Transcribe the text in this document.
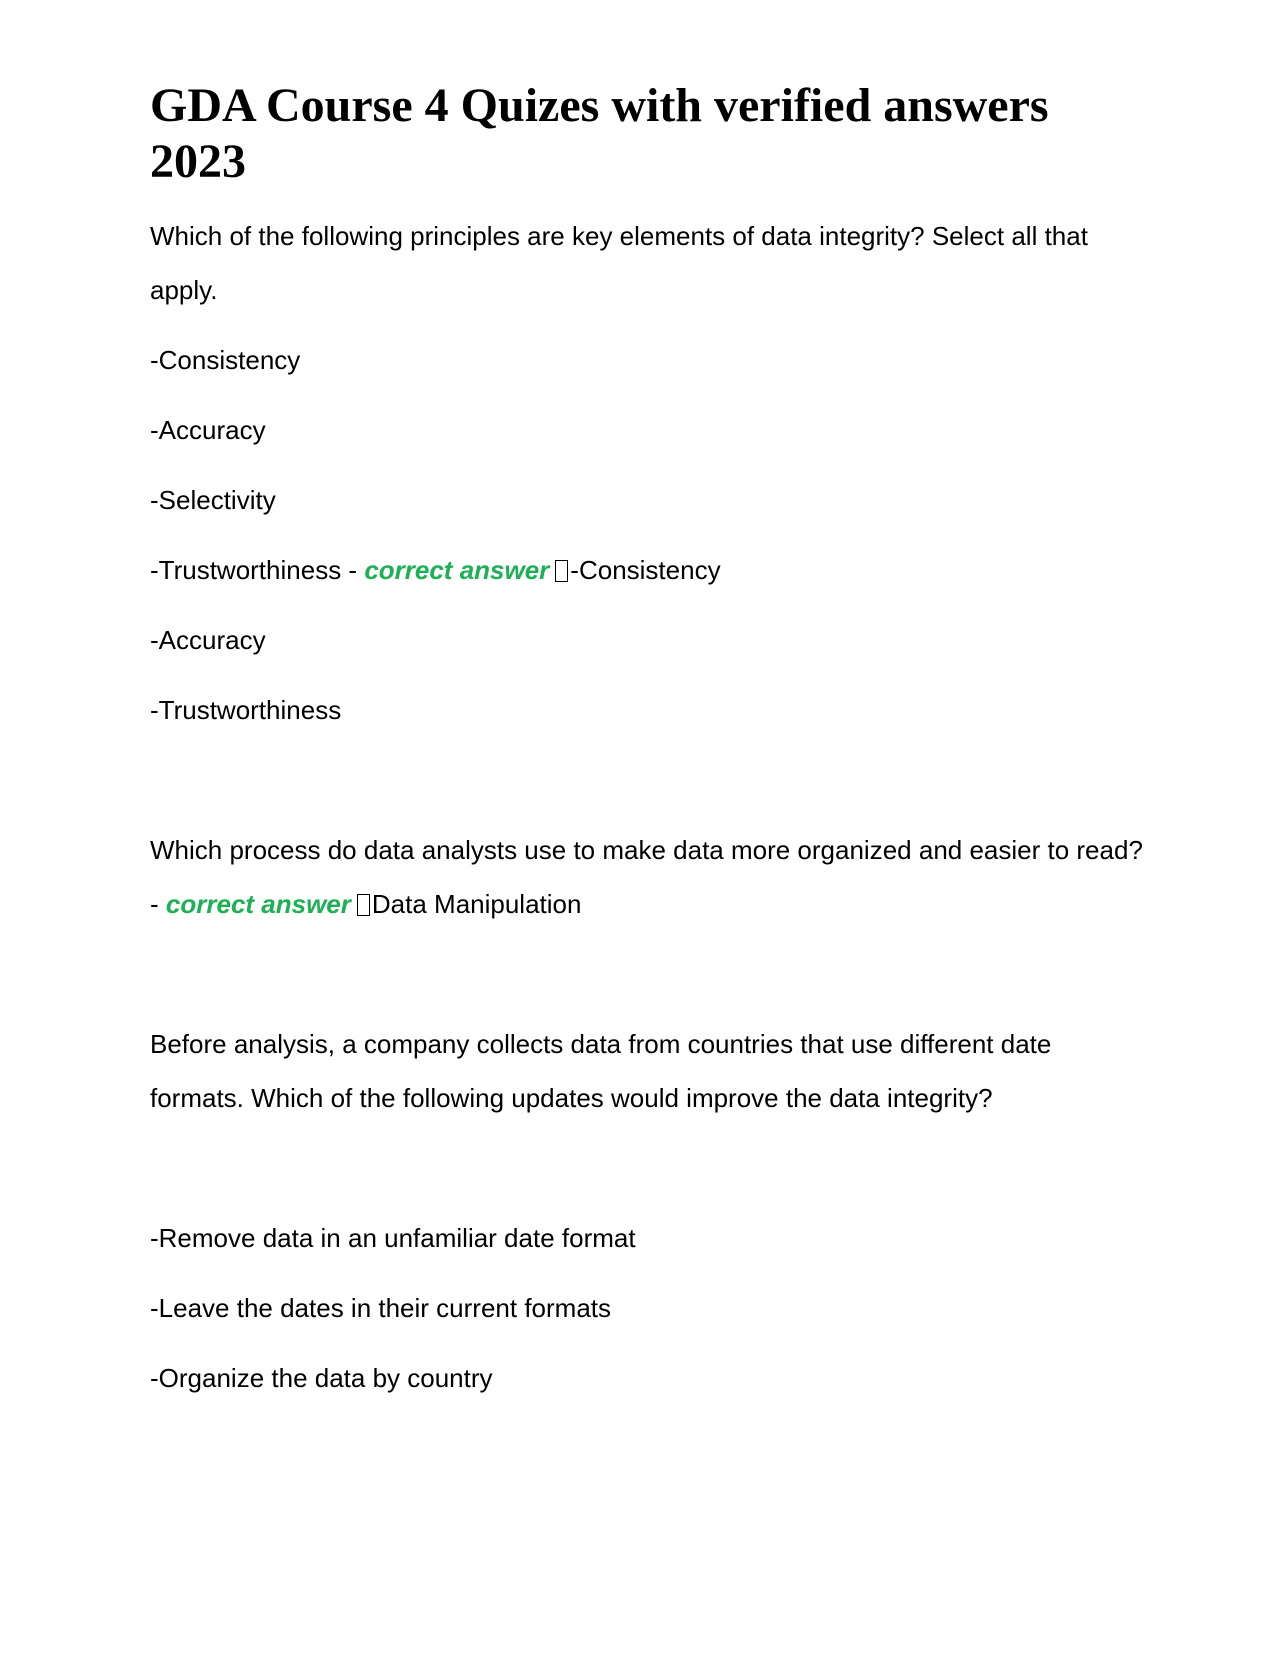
GDA Course 4 Quizes with verified answers 2023

Which of the following principles are key elements of data integrity? Select all that apply.

-Consistency
-Accuracy
-Selectivity
-Trustworthiness - correct answer -Consistency
-Accuracy
-Trustworthiness

Which process do data analysts use to make data more organized and easier to read? - correct answer Data Manipulation

Before analysis, a company collects data from countries that use different date formats. Which of the following updates would improve the data integrity?

-Remove data in an unfamiliar date format
-Leave the dates in their current formats
-Organize the data by country
